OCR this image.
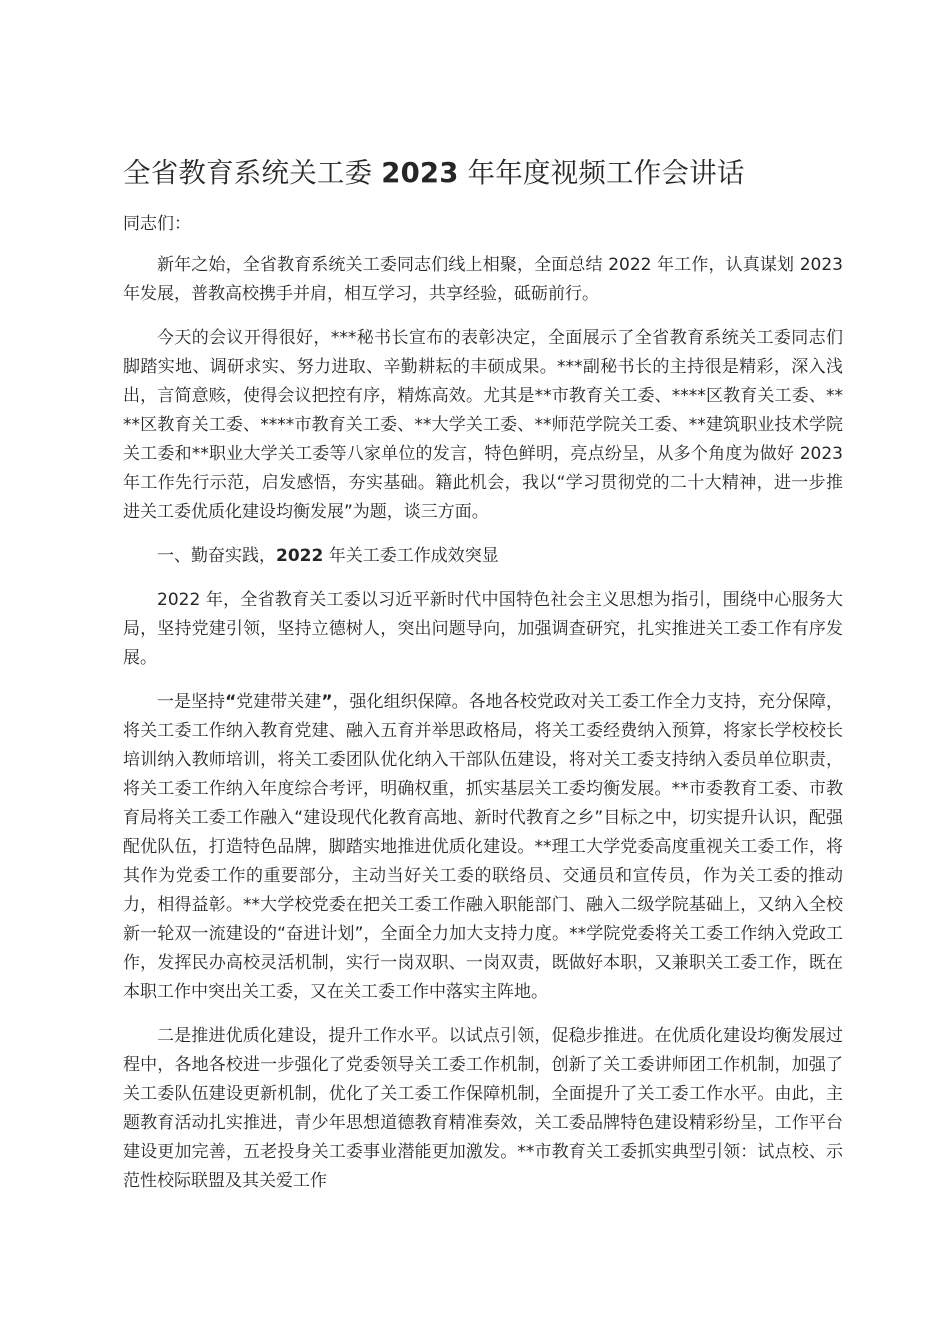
全省教育系统关工委 2023 年年度视频工作会讲话

同志们：

新年之始，全省教育系统关工委同志们线上相聚，全面总结 2022 年工作，认真谋划 2023 年发展，普教高校携手并肩，相互学习，共享经验，砥砺前行。

今天的会议开得很好，***秘书长宣布的表彰决定，全面展示了全省教育系统关工委同志们脚踏实地、调研求实、努力进取、辛勤耕耘的丰硕成果。***副秘书长的主持很是精彩，深入浅出，言简意赅，使得会议把控有序，精炼高效。尤其是**市教育关工委、****区教育关工委、****区教育关工委、****市教育关工委、**大学关工委、**师范学院关工委、**建筑职业技术学院关工委和**职业大学关工委等八家单位的发言，特色鲜明，亮点纷呈，从多个角度为做好 2023 年工作先行示范，启发感悟，夯实基础。籍此机会，我以“学习贯彻党的二十大精神，进一步推进关工委优质化建设均衡发展”为题，谈三方面。

一、勤奋实践，2022 年关工委工作成效突显

2022 年，全省教育关工委以习近平新时代中国特色社会主义思想为指引，围绕中心服务大局，坚持党建引领，坚持立德树人，突出问题导向，加强调查研究，扎实推进关工委工作有序发展。

一是坚持“党建带关建”，强化组织保障。各地各校党政对关工委工作全力支持，充分保障，将关工委工作纳入教育党建、融入五育并举思政格局，将关工委经费纳入预算，将家长学校校长培训纳入教师培训，将关工委团队优化纳入干部队伍建设，将对关工委支持纳入委员单位职责，将关工委工作纳入年度综合考评，明确权重，抓实基层关工委均衡发展。**市委教育工委、市教育局将关工委工作融入“建设现代化教育高地、新时代教育之乡”目标之中，切实提升认识，配强配优队伍，打造特色品牌，脚踏实地推进优质化建设。**理工大学党委高度重视关工委工作，将其作为党委工作的重要部分，主动当好关工委的联络员、交通员和宣传员，作为关工委的推动力，相得益彰。**大学校党委在把关工委工作融入职能部门、融入二级学院基础上，又纳入全校新一轮双一流建设的“奋进计划”，全面全力加大支持力度。**学院党委将关工委工作纳入党政工作，发挥民办高校灵活机制，实行一岗双职、一岗双责，既做好本职，又兼职关工委工作，既在本职工作中突出关工委，又在关工委工作中落实主阵地。

二是推进优质化建设，提升工作水平。以试点引领，促稳步推进。在优质化建设均衡发展过程中，各地各校进一步强化了党委领导关工委工作机制，创新了关工委讲师团工作机制，加强了关工委队伍建设更新机制，优化了关工委工作保障机制，全面提升了关工委工作水平。由此，主题教育活动扎实推进，青少年思想道德教育精准奏效，关工委品牌特色建设精彩纷呈，工作平台建设更加完善，五老投身关工委事业潜能更加激发。**市教育关工委抓实典型引领：试点校、示范性校际联盟及其关爱工作
